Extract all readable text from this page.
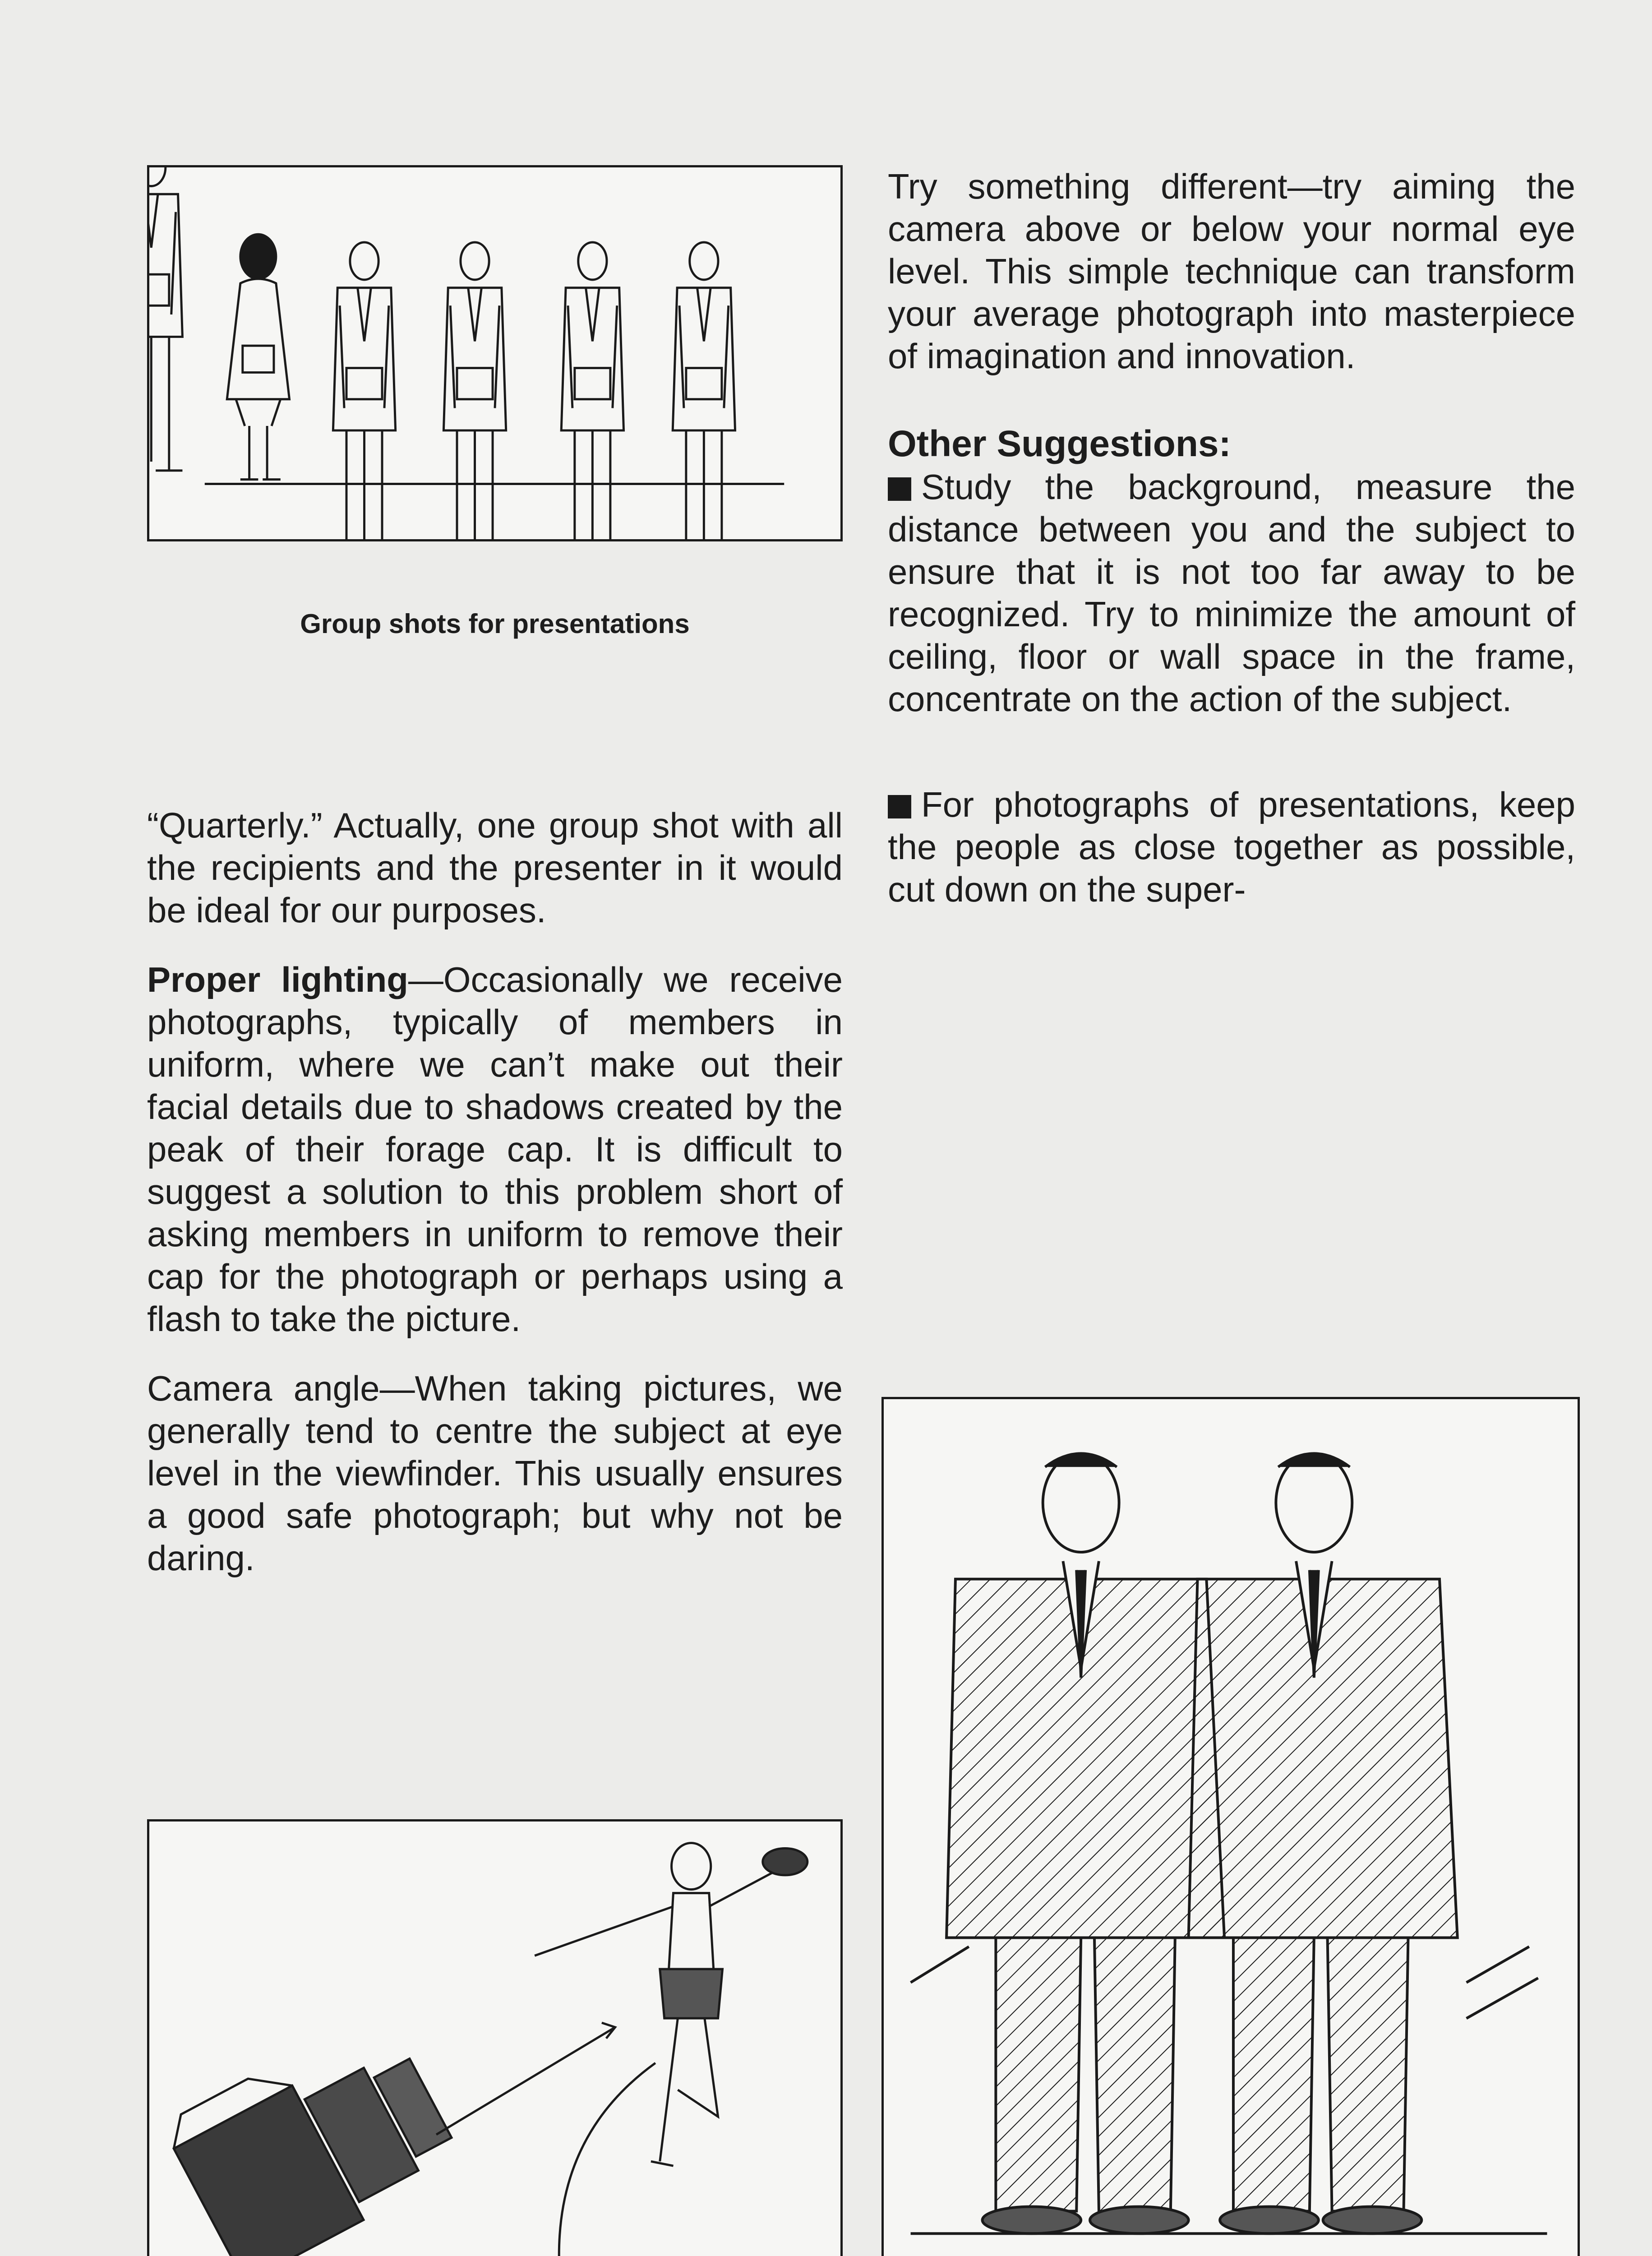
Group shots for presentations

“Quarterly.” Actually, one group shot with all the recipients and the presenter in it would be ideal for our purposes.

Proper lighting—Occasionally we receive photographs, typically of members in uniform, where we can’t make out their facial details due to shadows created by the peak of their forage cap. It is difficult to suggest a solution to this problem short of asking members in uniform to remove their cap for the photograph or perhaps using a flash to take the picture.

Camera angle—When taking pictures, we generally tend to centre the subject at eye level in the viewfinder. This usually ensures a good safe photograph; but why not be daring.

Try something different—try aiming the camera above or below your normal eye level. This simple technique can transform your average photograph into masterpiece of imagination and innovation.

Other Suggestions:

Study the background, measure the distance between you and the subject to ensure that it is not too far away to be recognized. Try to minimize the amount of ceiling, floor or wall space in the frame, concentrate on the action of the subject.

For photographs of presentations, keep the people as close together as possible, cut down on the super-
